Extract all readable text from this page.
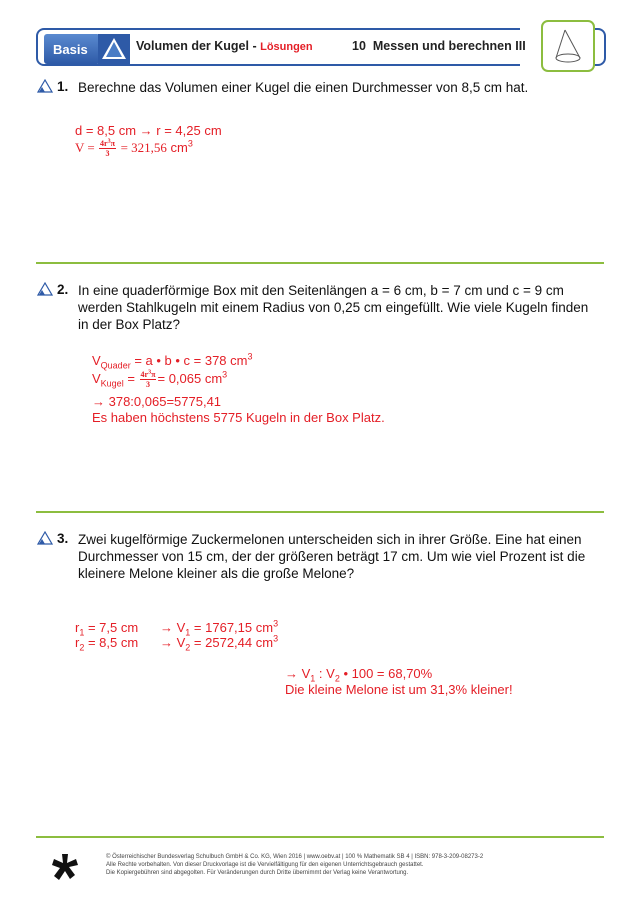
Basis	Volumen der Kugel - Lösungen	10  Messen und berechnen III
1. Berechne das Volumen einer Kugel die einen Durchmesser von 8,5 cm hat.
d = 8,5 cm → r = 4,25 cm
$V = \frac{4r^3\pi}{3} = 321,56$ $cm^3$
2. In eine quaderförmige Box mit den Seitenlängen a = 6 cm, b = 7 cm und c = 9 cm werden Stahlkugeln mit einem Radius von 0,25 cm eingefüllt. Wie viele Kugeln finden in der Box Platz?
$V_{Quader} = a$ • b • c = 378 $cm^3$
$V_{Kugel} = \frac{4r^3\pi}{3} = 0,065$ $cm^3$
→ 378:0,065=5775,41
Es haben höchstens 5775 Kugeln in der Box Platz.
3. Zwei kugelförmige Zuckermelonen unterscheiden sich in ihrer Größe. Eine hat einen Durchmesser von 15 cm, der der größeren beträgt 17 cm. Um wie viel Prozent ist die kleinere Melone kleiner als die große Melone?
$r_1 = 7,5$ cm → $V_1 = 1767,15$ $cm^3$
$r_2 = 8,5$ cm → $V_2 = 2572,44$ $cm^3$
→ $V_1$ : $V_2$ • 100 = 68,70%
Die kleine Melone ist um 31,3% kleiner!
© Österreichischer Bundesverlag Schulbuch GmbH & Co. KG, Wien 2016 | www.oebv.at | 100 % Mathematik SB 4 | ISBN: 978-3-209-08273-2
Alle Rechte vorbehalten. Von dieser Druckvorlage ist die Vervielfältigung für den eigenen Unterrichtsgebrauch gestattet.
Die Kopiergebühren sind abgegolten. Für Veränderungen durch Dritte übernimmt der Verlag keine Verantwortung.
